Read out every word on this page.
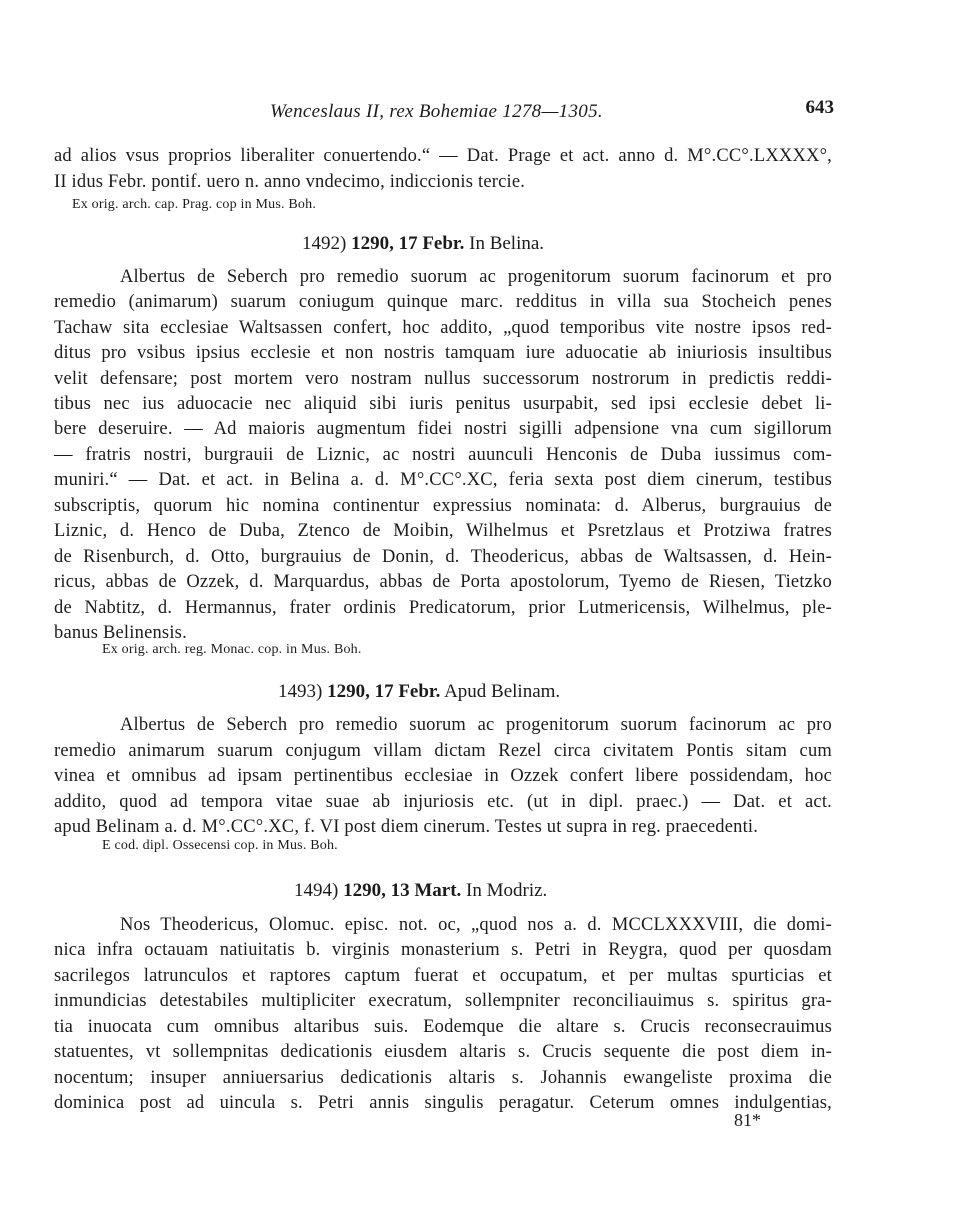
Wenceslaus II, rex Bohemiae 1278—1305.	643
ad alios vsus proprios liberaliter conuertendo.“ — Dat. Prage et act. anno d. M°.CC°.LXXXX°,
II idus Febr. pontif. uero n. anno vndecimo, indiccionis tercie.
Ex orig. arch. cap. Prag. cop in Mus. Boh.
1492) 1290, 17 Febr. In Belina.
Albertus de Seberch pro remedio suorum ac progenitorum suorum facinorum et pro
remedio (animarum) suarum coniugum quinque marc. redditus in villa sua Stocheich penes
Tachaw sita ecclesiae Waltsassen confert, hoc addito, „quod temporibus vite nostre ipsos red-
ditus pro vsibus ipsius ecclesie et non nostris tamquam iure aduocatie ab iniuriosis insultibus
velit defensare; post mortem vero nostram nullus successorum nostrorum in predictis reddi-
tibus nec ius aduocacie nec aliquid sibi iuris penitus usurpabit, sed ipsi ecclesie debet li-
bere deseruire. — Ad maioris augmentum fidei nostri sigilli adpensione vna cum sigillorum
— fratris nostri, burgrauii de Liznic, ac nostri auunculi Henconis de Duba iussimus com-
muniri.“ — Dat. et act. in Belina a. d. M°.CC°.XC, feria sexta post diem cinerum, testibus
subscriptis, quorum hic nomina continentur expressius nominata: d. Alberus, burgrauius de
Liznic, d. Henco de Duba, Ztenco de Moibin, Wilhelmus et Psretzlaus et Protziwa fratres
de Risenburch, d. Otto, burgrauius de Donin, d. Theodericus, abbas de Waltsassen, d. Hein-
ricus, abbas de Ozzek, d. Marquardus, abbas de Porta apostolorum, Tyemo de Riesen, Tietzko
de Nabtitz, d. Hermannus, frater ordinis Predicatorum, prior Lutmericensis, Wilhelmus, ple-
banus Belinensis.
Ex orig. arch. reg. Monac. cop. in Mus. Boh.
1493) 1290, 17 Febr. Apud Belinam.
Albertus de Seberch pro remedio suorum ac progenitorum suorum facinorum ac pro
remedio animarum suarum conjugum villam dictam Rezel circa civitatem Pontis sitam cum
vinea et omnibus ad ipsam pertinentibus ecclesiae in Ozzek confert libere possidendam, hoc
addito, quod ad tempora vitae suae ab injuriosis etc. (ut in dipl. praec.) — Dat. et act.
apud Belinam a. d. M°.CC°.XC, f. VI post diem cinerum. Testes ut supra in reg. praecedenti.
E cod. dipl. Ossecensi cop. in Mus. Boh.
1494) 1290, 13 Mart. In Modriz.
Nos Theodericus, Olomuc. episc. not. oc, „quod nos a. d. MCCLXXXVIII, die domi-
nica infra octauam natiuitatis b. virginis monasterium s. Petri in Reygra, quod per quosdam
sacrilegos latrunculos et raptores captum fuerat et occupatum, et per multas spurticias et
inmundicias detestabiles multipliciter execratum, sollempniter reconciliauimus s. spiritus gra-
tia inuocata cum omnibus altaribus suis. Eodemque die altare s. Crucis reconsecrauimus
statuentes, vt sollempnitas dedicationis eiusdem altaris s. Crucis sequente die post diem in-
nocentum; insuper anniuersarius dedicationis altaris s. Johannis ewangeliste proxima die
dominica post ad uincula s. Petri annis singulis peragatur. Ceterum omnes indulgentias,
81*
